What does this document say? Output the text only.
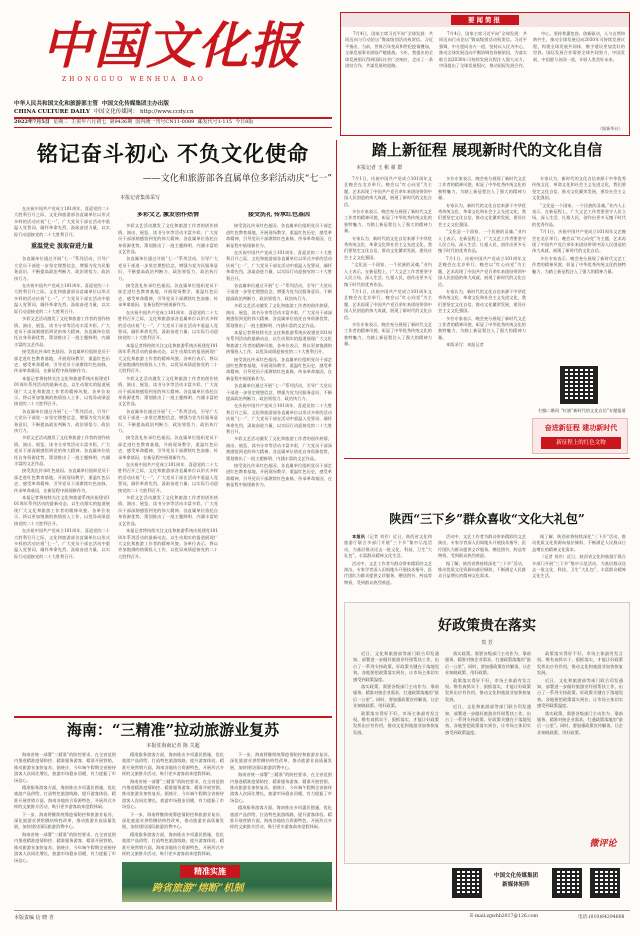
中国文化报
ZHONGGUO WENHUA BAO
中华人民共和国文化和旅游部主管 中国文化传媒集团主办出版
CHINA CULTURE DAILY 中国文化传媒网： http://www.ccdy.cn
2022年7月5日 星期二 壬寅年六月初七 第9436期 国内统一刊号CN11-0089 邮发代号1-115 今日8版
要闻简报

7月4日，国家主席习近平向“全球发展：共同迈向与行动论坛”暨高级别活动致贺信。习近平指出，当前，世界百年变局和世纪疫情叠加，全球发展事业面临严峻挑战。今年，我提出的全球发展倡议得到国际社会广泛响应，走出了一条团结合作、共谋发展的道路。

7月4日，国家主席习近平向“全球发展：共同迈向行动论坛”暨高级别活动致贺信。习近平强调，中方愿同各方一道，坚持以人民为中心，推动全球发展迈向平衡协调包容新阶段，为落实联合国2030年可持续发展议程注入强大动力。中国提出了全球发展倡议，推动国际发展合作。

中心，坚持普惠包容，创新驱动，人与自然和谐共生，推动全球发展迈向2030年可持续发展议程，构建全球发展共同体，携手建设更加美好的世界。国际发展合作需要全球共同努力，中国发展，中国愿与各国一道，开辟人类美好未来。

（据新华社）
铭记奋斗初心 不负文化使命
——文化和旅游部各直属单位多彩活动庆“七一”
本报记者集体采写

在庆祝中国共产党成立101周年、喜迎党的二十大胜利召开之际，文化和旅游部各直属单位以形式多样的活动庆祝“七一”，广大党员干部在活动中重温入党誓词，缅怀革命先烈，汲取奋进力量，以实际行动迎接党的二十大胜利召开。

重温党史 汲取奋进力量

各直属单位通过开展“七一”系列活动，引导广大党员干部进一步坚定理想信念，增强为党为民服务意识，不断提高政治判断力、政治领悟力、政治执行力。

在庆祝中国共产党成立101周年、喜迎党的二十大胜利召开之际，文化和旅游部各直属单位以形式多样的活动庆祝“七一”，广大党员干部在活动中重温入党誓词，缅怀革命先烈，汲取奋进力量，以实际行动迎接党的二十大胜利召开。

多彩文艺活动激发了文化和旅游工作者的创作热情，演出、展览、读书分享等活动丰富多彩，广大党员干部深刻感悟到党的伟大精神。各直属单位依托自身资源优势，策划推出了一批主题鲜明、内涵丰富的文艺作品。

接受洗礼传承红色基因。各直属单位组织党员干部走进红色教育基地，开展现场教学，重温红色历史，感受革命精神，引导党员干部赓续红色血脉，传承革命基因，在新征程中展现新作为。

本报记者将持续关注文化和旅游系统庆祝建党101周年系列活动的最新动态，以生动翔实的报道展现广大文化和旅游工作者的精神风貌。各单位表示，将以更加饱满的热情投入工作，以优异成绩迎接党的二十大胜利召开。

各直属单位通过开展“七一”系列活动，引导广大党员干部进一步坚定理想信念，增强为党为民服务意识，不断提高政治判断力、政治领悟力、政治执行力。

多彩文艺活动激发了文化和旅游工作者的创作热情，演出、展览、读书分享等活动丰富多彩，广大党员干部深刻感悟到党的伟大精神。各直属单位依托自身资源优势，策划推出了一批主题鲜明、内涵丰富的文艺作品。

接受洗礼传承红色基因。各直属单位组织党员干部走进红色教育基地，开展现场教学，重温红色历史，感受革命精神，引导党员干部赓续红色血脉，传承革命基因，在新征程中展现新作为。

本报记者将持续关注文化和旅游系统庆祝建党101周年系列活动的最新动态，以生动翔实的报道展现广大文化和旅游工作者的精神风貌。各单位表示，将以更加饱满的热情投入工作，以优异成绩迎接党的二十大胜利召开。

在庆祝中国共产党成立101周年、喜迎党的二十大胜利召开之际，文化和旅游部各直属单位以形式多样的活动庆祝“七一”，广大党员干部在活动中重温入党誓词，缅怀革命先烈，汲取奋进力量，以实际行动迎接党的二十大胜利召开。

多彩文艺 激发创作热情

多彩文艺活动激发了文化和旅游工作者的创作热情，演出、展览、读书分享等活动丰富多彩，广大党员干部深刻感悟到党的伟大精神。各直属单位依托自身资源优势，策划推出了一批主题鲜明、内涵丰富的文艺作品。

各直属单位通过开展“七一”系列活动，引导广大党员干部进一步坚定理想信念，增强为党为民服务意识，不断提高政治判断力、政治领悟力、政治执行力。

接受洗礼传承红色基因。各直属单位组织党员干部走进红色教育基地，开展现场教学，重温红色历史，感受革命精神，引导党员干部赓续红色血脉，传承革命基因，在新征程中展现新作为。

在庆祝中国共产党成立101周年、喜迎党的二十大胜利召开之际，文化和旅游部各直属单位以形式多样的活动庆祝“七一”，广大党员干部在活动中重温入党誓词，缅怀革命先烈，汲取奋进力量，以实际行动迎接党的二十大胜利召开。

本报记者将持续关注文化和旅游系统庆祝建党101周年系列活动的最新动态，以生动翔实的报道展现广大文化和旅游工作者的精神风貌。各单位表示，将以更加饱满的热情投入工作，以优异成绩迎接党的二十大胜利召开。

多彩文艺活动激发了文化和旅游工作者的创作热情，演出、展览、读书分享等活动丰富多彩，广大党员干部深刻感悟到党的伟大精神。各直属单位依托自身资源优势，策划推出了一批主题鲜明、内涵丰富的文艺作品。

各直属单位通过开展“七一”系列活动，引导广大党员干部进一步坚定理想信念，增强为党为民服务意识，不断提高政治判断力、政治领悟力、政治执行力。

接受洗礼传承红色基因。各直属单位组织党员干部走进红色教育基地，开展现场教学，重温红色历史，感受革命精神，引导党员干部赓续红色血脉，传承革命基因，在新征程中展现新作为。

在庆祝中国共产党成立101周年、喜迎党的二十大胜利召开之际，文化和旅游部各直属单位以形式多样的活动庆祝“七一”，广大党员干部在活动中重温入党誓词，缅怀革命先烈，汲取奋进力量，以实际行动迎接党的二十大胜利召开。

多彩文艺活动激发了文化和旅游工作者的创作热情，演出、展览、读书分享等活动丰富多彩，广大党员干部深刻感悟到党的伟大精神。各直属单位依托自身资源优势，策划推出了一批主题鲜明、内涵丰富的文艺作品。

本报记者将持续关注文化和旅游系统庆祝建党101周年系列活动的最新动态，以生动翔实的报道展现广大文化和旅游工作者的精神风貌。各单位表示，将以更加饱满的热情投入工作，以优异成绩迎接党的二十大胜利召开。

接受洗礼 传承红色基因

接受洗礼传承红色基因。各直属单位组织党员干部走进红色教育基地，开展现场教学，重温红色历史，感受革命精神，引导党员干部赓续红色血脉，传承革命基因，在新征程中展现新作为。

在庆祝中国共产党成立101周年、喜迎党的二十大胜利召开之际，文化和旅游部各直属单位以形式多样的活动庆祝“七一”，广大党员干部在活动中重温入党誓词，缅怀革命先烈，汲取奋进力量，以实际行动迎接党的二十大胜利召开。

各直属单位通过开展“七一”系列活动，引导广大党员干部进一步坚定理想信念，增强为党为民服务意识，不断提高政治判断力、政治领悟力、政治执行力。

多彩文艺活动激发了文化和旅游工作者的创作热情，演出、展览、读书分享等活动丰富多彩，广大党员干部深刻感悟到党的伟大精神。各直属单位依托自身资源优势，策划推出了一批主题鲜明、内涵丰富的文艺作品。

本报记者将持续关注文化和旅游系统庆祝建党101周年系列活动的最新动态，以生动翔实的报道展现广大文化和旅游工作者的精神风貌。各单位表示，将以更加饱满的热情投入工作，以优异成绩迎接党的二十大胜利召开。

接受洗礼传承红色基因。各直属单位组织党员干部走进红色教育基地，开展现场教学，重温红色历史，感受革命精神，引导党员干部赓续红色血脉，传承革命基因，在新征程中展现新作为。

各直属单位通过开展“七一”系列活动，引导广大党员干部进一步坚定理想信念，增强为党为民服务意识，不断提高政治判断力、政治领悟力、政治执行力。

在庆祝中国共产党成立101周年、喜迎党的二十大胜利召开之际，文化和旅游部各直属单位以形式多样的活动庆祝“七一”，广大党员干部在活动中重温入党誓词，缅怀革命先烈，汲取奋进力量，以实际行动迎接党的二十大胜利召开。

多彩文艺活动激发了文化和旅游工作者的创作热情，演出、展览、读书分享等活动丰富多彩，广大党员干部深刻感悟到党的伟大精神。各直属单位依托自身资源优势，策划推出了一批主题鲜明、内涵丰富的文艺作品。

接受洗礼传承红色基因。各直属单位组织党员干部走进红色教育基地，开展现场教学，重温红色历史，感受革命精神，引导党员干部赓续红色血脉，传承革命基因，在新征程中展现新作为。

海南：“三精准”拉动旅游业复苏
本报驻海南记者 陈 关超

海南省统一部署“三精准”的防控要求，在全省范围内推进精准疫情防控、精准服务游客、精准开展营销，推动旅游业加快复苏。据统计，今年端午假期全省接待游客人次同比增长，旅游市场稳步回暖，有力提振了市场信心。

精准服务游客方面，海南推出多项惠民措施，优化旅游产品供给，打造特色旅游线路，提升游客体验。精准开展营销方面，海南各地结合资源特色，开展形式多样的文旅推介活动，吸引更多游客前来度假休闲。

下一步，海南将继续统筹疫情防控和旅游业复苏，深化旅游业供给侧结构性改革，推动旅游业高质量发展，加快建设国际旅游消费中心。

海南省统一部署“三精准”的防控要求，在全省范围内推进精准疫情防控、精准服务游客、精准开展营销，推动旅游业加快复苏。据统计，今年端午假期全省接待游客人次同比增长，旅游市场稳步回暖，有力提振了市场信心。

精准服务游客方面，海南推出多项惠民措施，优化旅游产品供给，打造特色旅游线路，提升游客体验。精准开展营销方面，海南各地结合资源特色，开展形式多样的文旅推介活动，吸引更多游客前来度假休闲。

海南省统一部署“三精准”的防控要求，在全省范围内推进精准疫情防控、精准服务游客、精准开展营销，推动旅游业加快复苏。据统计，今年端午假期全省接待游客人次同比增长，旅游市场稳步回暖，有力提振了市场信心。

下一步，海南将继续统筹疫情防控和旅游业复苏，深化旅游业供给侧结构性改革，推动旅游业高质量发展，加快建设国际旅游消费中心。

精准服务游客方面，海南推出多项惠民措施，优化旅游产品供给，打造特色旅游线路，提升游客体验。精准开展营销方面，海南各地结合资源特色，开展形式多样的文旅推介活动，吸引更多游客前来度假休闲。

下一步，海南将继续统筹疫情防控和旅游业复苏，深化旅游业供给侧结构性改革，推动旅游业高质量发展，加快建设国际旅游消费中心。

海南省统一部署“三精准”的防控要求，在全省范围内推进精准疫情防控、精准服务游客、精准开展营销，推动旅游业加快复苏。据统计，今年端午假期全省接待游客人次同比增长，旅游市场稳步回暖，有力提振了市场信心。

精准服务游客方面，海南推出多项惠民措施，优化旅游产品供给，打造特色旅游线路，提升游客体验。精准开展营销方面，海南各地结合资源特色，开展形式多样的文旅推介活动，吸引更多游客前来度假休闲。

精准实施
跨省旅游“熔断”机制
踏上新征程 展现新时代的文化自信
本报记者 王 彬 翟 群

7月1日，庆祝中国共产党成立101周年文艺晚会在北京举行。晚会以“红心向党”为主题，艺术再现了中国共产党百余年来团结带领中国人民创造的伟大成就，展现了新时代的文化自信。

多位专家表示，晚会充分展现了新时代文艺工作者的精神风貌，彰显了中华优秀传统文化的独特魅力，为踏上新征程注入了强大的精神力量。

专家认为，新时代的文化自信来源于中华优秀传统文化、革命文化和社会主义先进文化，我们要坚定文化自信，推动文化繁荣发展，建设社会主义文化强国。

“文化是一个国家、一个民族的灵魂。”业内人士表示，在新征程上，广大文艺工作者要坚守人民立场，深入生活、扎根人民，创作出更多无愧于时代的优秀作品。

7月1日，庆祝中国共产党成立101周年文艺晚会在北京举行。晚会以“红心向党”为主题，艺术再现了中国共产党百余年来团结带领中国人民创造的伟大成就，展现了新时代的文化自信。

多位专家表示，晚会充分展现了新时代文艺工作者的精神风貌，彰显了中华优秀传统文化的独特魅力，为踏上新征程注入了强大的精神力量。

多位专家表示，晚会充分展现了新时代文艺工作者的精神风貌，彰显了中华优秀传统文化的独特魅力，为踏上新征程注入了强大的精神力量。

专家认为，新时代的文化自信来源于中华优秀传统文化、革命文化和社会主义先进文化，我们要坚定文化自信，推动文化繁荣发展，建设社会主义文化强国。

“文化是一个国家、一个民族的灵魂。”业内人士表示，在新征程上，广大文艺工作者要坚守人民立场，深入生活、扎根人民，创作出更多无愧于时代的优秀作品。

7月1日，庆祝中国共产党成立101周年文艺晚会在北京举行。晚会以“红心向党”为主题，艺术再现了中国共产党百余年来团结带领中国人民创造的伟大成就，展现了新时代的文化自信。

专家认为，新时代的文化自信来源于中华优秀传统文化、革命文化和社会主义先进文化，我们要坚定文化自信，推动文化繁荣发展，建设社会主义文化强国。

多位专家表示，晚会充分展现了新时代文艺工作者的精神风貌，彰显了中华优秀传统文化的独特魅力，为踏上新征程注入了强大的精神力量。

本版采写：本报记者

专家认为，新时代的文化自信来源于中华优秀传统文化、革命文化和社会主义先进文化，我们要坚定文化自信，推动文化繁荣发展，建设社会主义文化强国。

“文化是一个国家、一个民族的灵魂。”业内人士表示，在新征程上，广大文艺工作者要坚守人民立场，深入生活、扎根人民，创作出更多无愧于时代的优秀作品。

7月1日，庆祝中国共产党成立101周年文艺晚会在北京举行。晚会以“红心向党”为主题，艺术再现了中国共产党百余年来团结带领中国人民创造的伟大成就，展现了新时代的文化自信。

多位专家表示，晚会充分展现了新时代文艺工作者的精神风貌，彰显了中华优秀传统文化的独特魅力，为踏上新征程注入了强大的精神力量。

扫描二维码 “红旗“新时代的文化自信”专题报道
奋进新征程 建功新时代
新征程上的红色文物
陕西“三下乡”群众喜收“文化大礼包”

本报讯（记者 刘芳）近日，陕西省文化和旅游厅联合多部门开展“三下乡”集中示范活动，为基层群众送去一批文化、科技、卫生“大礼包”，丰富群众精神文化生活。

活动中，文艺工作者为群众带来精彩的文艺演出，专家学者深入田间地头开展技术指导，医疗团队为群众提供义诊服务，赠送图书、药品等物资，受到群众热烈欢迎。

活动中，文艺工作者为群众带来精彩的文艺演出，专家学者深入田间地头开展技术指导，医疗团队为群众提供义诊服务，赠送图书、药品等物资，受到群众热烈欢迎。

据了解，陕西省将持续深化“三下乡”活动，推动优质文化资源向基层倾斜，不断满足人民群众日益增长的精神文化需求。

据了解，陕西省将持续深化“三下乡”活动，推动优质文化资源向基层倾斜，不断满足人民群众日益增长的精神文化需求。

（记者 刘芳）近日，陕西省文化和旅游厅联合多部门开展“三下乡”集中示范活动，为基层群众送去一批文化、科技、卫生“大礼包”，丰富群众精神文化生活。

好政策贵在落实
贵 芳

近日，文化和旅游部等部门联合印发通知，部署进一步做好旅游业纾困帮扶工作，出台了一系列支持政策。好政策关键在于落地见效。各地要把政策落实到位，让市场主体切实感受到政策温度。

落实政策，需要各级部门主动作为、靠前服务，精准对接企业需求，打通政策落地的“最后一公里”。同时，要加强政策宣传解读，让企业知晓政策、用好政策。

政策落实得好不好，市场主体最有发言权。唯有真抓实干、狠抓落实，才能让好政策发挥出应有作用，推动文化和旅游业加快恢复发展。

落实政策，需要各级部门主动作为、靠前服务，精准对接企业需求，打通政策落地的“最后一公里”。同时，要加强政策宣传解读，让企业知晓政策、用好政策。

政策落实得好不好，市场主体最有发言权。唯有真抓实干、狠抓落实，才能让好政策发挥出应有作用，推动文化和旅游业加快恢复发展。

近日，文化和旅游部等部门联合印发通知，部署进一步做好旅游业纾困帮扶工作，出台了一系列支持政策。好政策关键在于落地见效。各地要把政策落实到位，让市场主体切实感受到政策温度。

政策落实得好不好，市场主体最有发言权。唯有真抓实干、狠抓落实，才能让好政策发挥出应有作用，推动文化和旅游业加快恢复发展。

近日，文化和旅游部等部门联合印发通知，部署进一步做好旅游业纾困帮扶工作，出台了一系列支持政策。好政策关键在于落地见效。各地要把政策落实到位，让市场主体切实感受到政策温度。

落实政策，需要各级部门主动作为、靠前服务，精准对接企业需求，打通政策落地的“最后一公里”。同时，要加强政策宣传解读，让企业知晓政策、用好政策。

微评论
中国文化传媒集团
新媒体矩阵
本版责编 信 晓 青	E-mail:zgwhb2017@126.com	电话:(010)64294608
